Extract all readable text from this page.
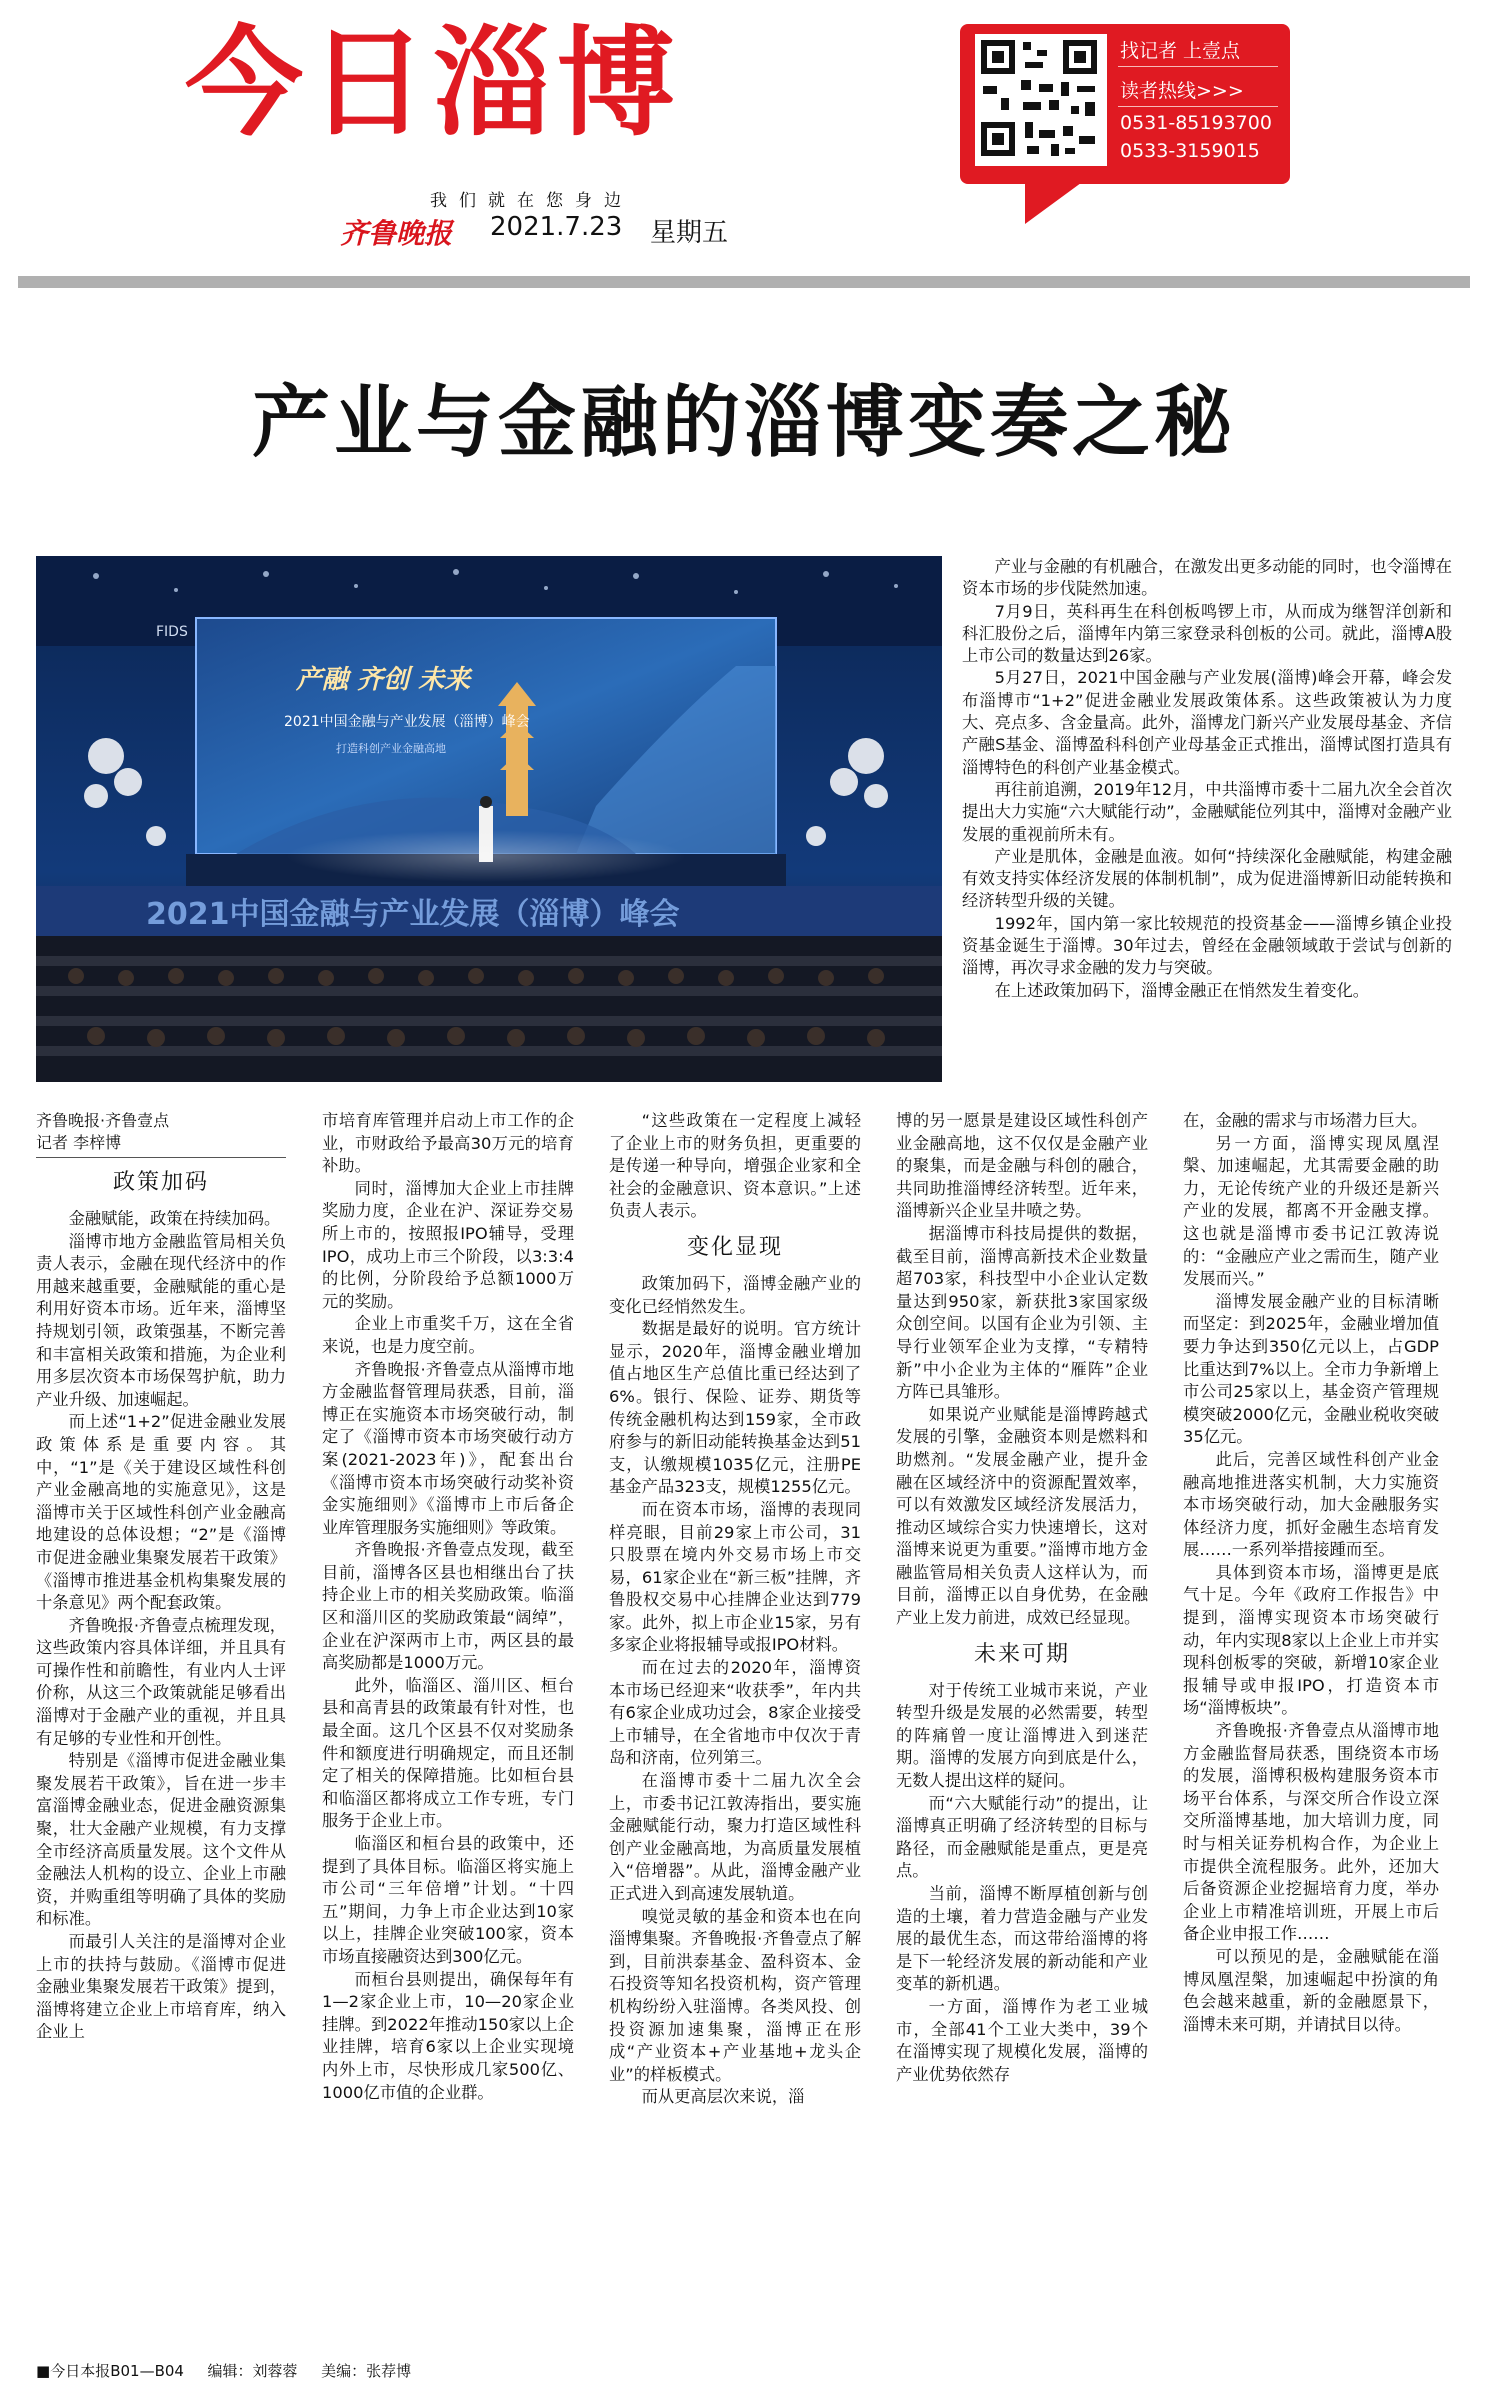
今日淄博
我们就在您身边
齐鲁晚报 2021.7.23 星期五
找记者 上壹点
读者热线>>>
0531-85193700
0533-3159015
产业与金融的淄博变奏之秘
FIDS
产融 齐创 未来
2021中国金融与产业发展（淄博）峰会
打造科创产业金融高地
2021中国金融与产业发展（淄博）峰会

产业与金融的有机融合，在激发出更多动能的同时，也令淄博在资本市场的步伐陡然加速。

7月9日，英科再生在科创板鸣锣上市，从而成为继智洋创新和科汇股份之后，淄博年内第三家登录科创板的公司。就此，淄博A股上市公司的数量达到26家。

5月27日，2021中国金融与产业发展(淄博)峰会开幕，峰会发布淄博市“1+2”促进金融业发展政策体系。这些政策被认为力度大、亮点多、含金量高。此外，淄博龙门新兴产业发展母基金、齐信产融S基金、淄博盈科科创产业母基金正式推出，淄博试图打造具有淄博特色的科创产业基金模式。

再往前追溯，2019年12月，中共淄博市委十二届九次全会首次提出大力实施“六大赋能行动”，金融赋能位列其中，淄博对金融产业发展的重视前所未有。

产业是肌体，金融是血液。如何“持续深化金融赋能，构建金融有效支持实体经济发展的体制机制”，成为促进淄博新旧动能转换和经济转型升级的关键。

1992年，国内第一家比较规范的投资基金——淄博乡镇企业投资基金诞生于淄博。30年过去，曾经在金融领域敢于尝试与创新的淄博，再次寻求金融的发力与突破。

在上述政策加码下，淄博金融正在悄然发生着变化。

齐鲁晚报·齐鲁壹点
记者 李梓博
政策加码

金融赋能，政策在持续加码。

淄博市地方金融监管局相关负责人表示，金融在现代经济中的作用越来越重要，金融赋能的重心是利用好资本市场。近年来，淄博坚持规划引领，政策强基，不断完善和丰富相关政策和措施，为企业利用多层次资本市场保驾护航，助力产业升级、加速崛起。

而上述“1+2”促进金融业发展政策体系是重要内容。其中，“1”是《关于建设区域性科创产业金融高地的实施意见》，这是淄博市关于区域性科创产业金融高地建设的总体设想；“2”是《淄博市促进金融业集聚发展若干政策》《淄博市推进基金机构集聚发展的十条意见》两个配套政策。

齐鲁晚报·齐鲁壹点梳理发现，这些政策内容具体详细，并且具有可操作性和前瞻性，有业内人士评价称，从这三个政策就能足够看出淄博对于金融产业的重视，并且具有足够的专业性和开创性。

特别是《淄博市促进金融业集聚发展若干政策》，旨在进一步丰富淄博金融业态，促进金融资源集聚，壮大金融产业规模，有力支撑全市经济高质量发展。这个文件从金融法人机构的设立、企业上市融资，并购重组等明确了具体的奖励和标准。

而最引人关注的是淄博对企业上市的扶持与鼓励。《淄博市促进金融业集聚发展若干政策》提到，淄博将建立企业上市培育库，纳入企业上

市培育库管理并启动上市工作的企业，市财政给予最高30万元的培育补助。

同时，淄博加大企业上市挂牌奖励力度，企业在沪、深证券交易所上市的，按照报IPO辅导，受理IPO，成功上市三个阶段，以3:3:4的比例，分阶段给予总额1000万元的奖励。

企业上市重奖千万，这在全省来说，也是力度空前。

齐鲁晚报·齐鲁壹点从淄博市地方金融监督管理局获悉，目前，淄博正在实施资本市场突破行动，制定了《淄博市资本市场突破行动方案(2021-2023年)》，配套出台《淄博市资本市场突破行动奖补资金实施细则》《淄博市上市后备企业库管理服务实施细则》等政策。

齐鲁晚报·齐鲁壹点发现，截至目前，淄博各区县也相继出台了扶持企业上市的相关奖励政策。临淄区和淄川区的奖励政策最“阔绰”，企业在沪深两市上市，两区县的最高奖励都是1000万元。

此外，临淄区、淄川区、桓台县和高青县的政策最有针对性，也最全面。这几个区县不仅对奖励条件和额度进行明确规定，而且还制定了相关的保障措施。比如桓台县和临淄区都将成立工作专班，专门服务于企业上市。

临淄区和桓台县的政策中，还提到了具体目标。临淄区将实施上市公司“三年倍增”计划。“十四五”期间，力争上市企业达到10家以上，挂牌企业突破100家，资本市场直接融资达到300亿元。

而桓台县则提出，确保每年有1—2家企业上市，10—20家企业挂牌。到2022年推动150家以上企业挂牌，培育6家以上企业实现境内外上市，尽快形成几家500亿、1000亿市值的企业群。

“这些政策在一定程度上减轻了企业上市的财务负担，更重要的是传递一种导向，增强企业家和全社会的金融意识、资本意识。”上述负责人表示。

变化显现

政策加码下，淄博金融产业的变化已经悄然发生。

数据是最好的说明。官方统计显示，2020年，淄博金融业增加值占地区生产总值比重已经达到了6%。银行、保险、证券、期货等传统金融机构达到159家，全市政府参与的新旧动能转换基金达到51支，认缴规模1035亿元，注册PE基金产品323支，规模1255亿元。

而在资本市场，淄博的表现同样亮眼，目前29家上市公司，31只股票在境内外交易市场上市交易，61家企业在“新三板”挂牌，齐鲁股权交易中心挂牌企业达到779家。此外，拟上市企业15家，另有多家企业将报辅导或报IPO材料。

而在过去的2020年，淄博资本市场已经迎来“收获季”，年内共有6家企业成功过会，8家企业接受上市辅导，在全省地市中仅次于青岛和济南，位列第三。

在淄博市委十二届九次全会上，市委书记江敦涛指出，要实施金融赋能行动，聚力打造区域性科创产业金融高地，为高质量发展植入“倍增器”。从此，淄博金融产业正式进入到高速发展轨道。

嗅觉灵敏的基金和资本也在向淄博集聚。齐鲁晚报·齐鲁壹点了解到，目前洪泰基金、盈科资本、金石投资等知名投资机构，资产管理机构纷纷入驻淄博。各类风投、创投资源加速集聚，淄博正在形成“产业资本+产业基地+龙头企业”的样板模式。

而从更高层次来说，淄

博的另一愿景是建设区域性科创产业金融高地，这不仅仅是金融产业的聚集，而是金融与科创的融合，共同助推淄博经济转型。近年来，淄博新兴企业呈井喷之势。

据淄博市科技局提供的数据，截至目前，淄博高新技术企业数量超703家，科技型中小企业认定数量达到950家，新获批3家国家级众创空间。以国有企业为引领、主导行业领军企业为支撑，“专精特新”中小企业为主体的“雁阵”企业方阵已具雏形。

如果说产业赋能是淄博跨越式发展的引擎，金融资本则是燃料和助燃剂。“发展金融产业，提升金融在区域经济中的资源配置效率，可以有效激发区域经济发展活力，推动区域综合实力快速增长，这对淄博来说更为重要。”淄博市地方金融监管局相关负责人这样认为，而目前，淄博正以自身优势，在金融产业上发力前进，成效已经显现。

未来可期

对于传统工业城市来说，产业转型升级是发展的必然需要，转型的阵痛曾一度让淄博进入到迷茫期。淄博的发展方向到底是什么，无数人提出这样的疑问。

而“六大赋能行动”的提出，让淄博真正明确了经济转型的目标与路径，而金融赋能是重点，更是亮点。

当前，淄博不断厚植创新与创造的土壤，着力营造金融与产业发展的最优生态，而这带给淄博的将是下一轮经济发展的新动能和产业变革的新机遇。

一方面，淄博作为老工业城市，全部41个工业大类中，39个在淄博实现了规模化发展，淄博的产业优势依然存

在，金融的需求与市场潜力巨大。

另一方面，淄博实现凤凰涅槃、加速崛起，尤其需要金融的助力，无论传统产业的升级还是新兴产业的发展，都离不开金融支撑。这也就是淄博市委书记江敦涛说的：“金融应产业之需而生，随产业发展而兴。”

淄博发展金融产业的目标清晰而坚定：到2025年，金融业增加值要力争达到350亿元以上，占GDP比重达到7%以上。全市力争新增上市公司25家以上，基金资产管理规模突破2000亿元，金融业税收突破35亿元。

此后，完善区域性科创产业金融高地推进落实机制，大力实施资本市场突破行动，加大金融服务实体经济力度，抓好金融生态培育发展……一系列举措接踵而至。

具体到资本市场，淄博更是底气十足。今年《政府工作报告》中提到，淄博实现资本市场突破行动，年内实现8家以上企业上市并实现科创板零的突破，新增10家企业报辅导或申报IPO，打造资本市场“淄博板块”。

齐鲁晚报·齐鲁壹点从淄博市地方金融监督局获悉，围绕资本市场的发展，淄博积极构建服务资本市场平台体系，与深交所合作设立深交所淄博基地，加大培训力度，同时与相关证券机构合作，为企业上市提供全流程服务。此外，还加大后备资源企业挖掘培育力度，举办企业上市精准培训班，开展上市后备企业申报工作……

可以预见的是，金融赋能在淄博凤凰涅槃，加速崛起中扮演的角色会越来越重，新的金融愿景下，淄博未来可期，并请拭目以待。

■今日本报B01—B04 编辑：刘蓉蓉 美编：张荐博
